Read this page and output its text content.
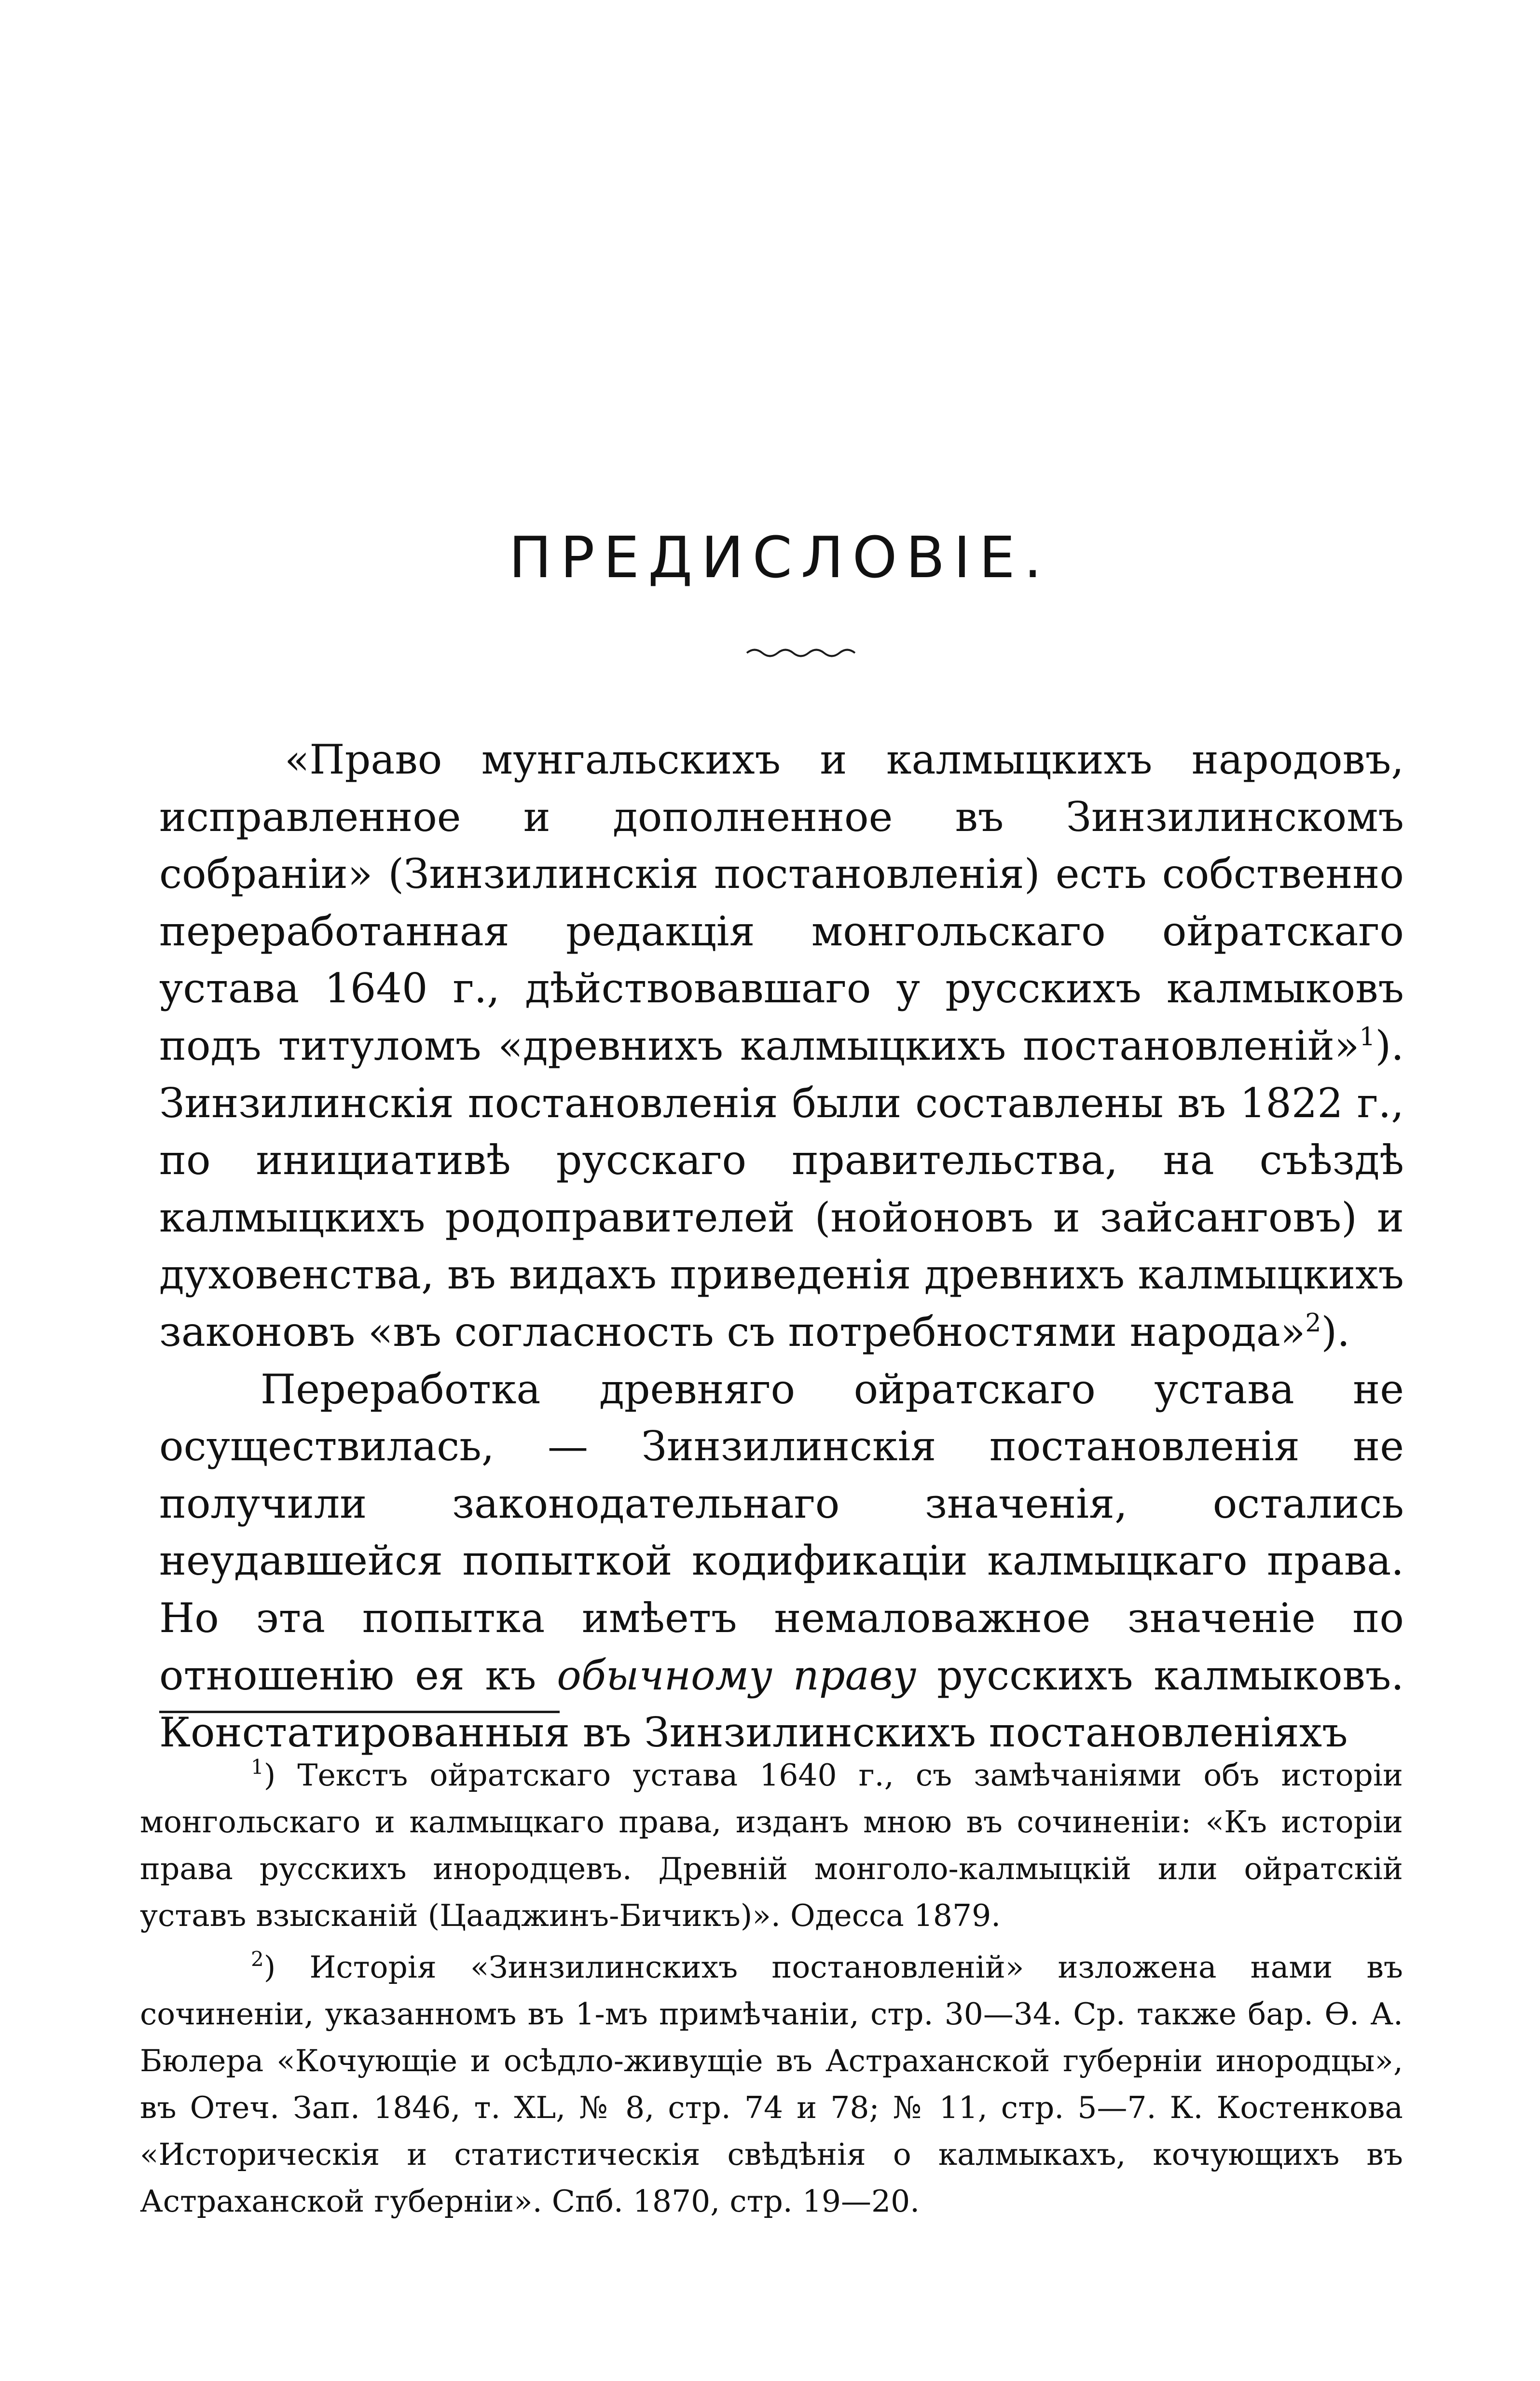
ПРЕДИСЛОВIЕ.

«Право мунгальскихъ и калмыцкихъ народовъ, исправленное и дополненное въ Зинзилинскомъ собранiи» (Зинзилинскiя постановленiя) есть собственно переработанная редакцiя монгольскаго ойратскаго устава 1640 г., дѣйствовавшаго у русскихъ калмыковъ подъ титуломъ «древнихъ калмыцкихъ постановленiй»$^1$). Зинзилинскiя постановленiя были составлены въ 1822 г., по инициативѣ русскаго правительства, на съѣздѣ калмыцкихъ родоправителей (нойоновъ и зайсанговъ) и духовенства, въ видахъ приведенiя древнихъ калмыцкихъ законовъ «въ согласность съ потребностями народа»$^2$).

Переработка древняго ойратскаго устава не осуществилась, — Зинзилинскiя постановленiя не получили законодательнаго значенiя, остались неудавшейся попыткой кодификацiи калмыцкаго права. Но эта попытка имѣетъ немаловажное значенiе по отношенiю ея къ обычному праву русскихъ калмыковъ. Констатированныя въ Зинзилинскихъ постановленiяхъ

$^1$) Текстъ ойратскаго устава 1640 г., съ замѣчанiями объ исторiи монгольскаго и калмыцкаго права, изданъ мною въ сочиненiи: «Къ исторiи права русскихъ инородцевъ. Древнiй монголо-калмыцкiй или ойратскiй уставъ взысканiй (Цааджинъ-Бичикъ)». Одесса 1879.

$^2$) Исторiя «Зинзилинскихъ постановленiй» изложена нами въ сочиненiи, указанномъ въ 1-мъ примѣчанiи, стр. 30—34. Ср. также бар. Ѳ. А. Бюлера «Кочующiе и осѣдло-живущiе въ Астраханской губернiи инородцы», въ Отеч. Зап. 1846, т. XL, № 8, стр. 74 и 78; № 11, стр. 5—7. К. Костенкова «Историческiя и статистическiя свѣдѣнiя о калмыкахъ, кочующихъ въ Астраханской губернiи». Спб. 1870, стр. 19—20.
